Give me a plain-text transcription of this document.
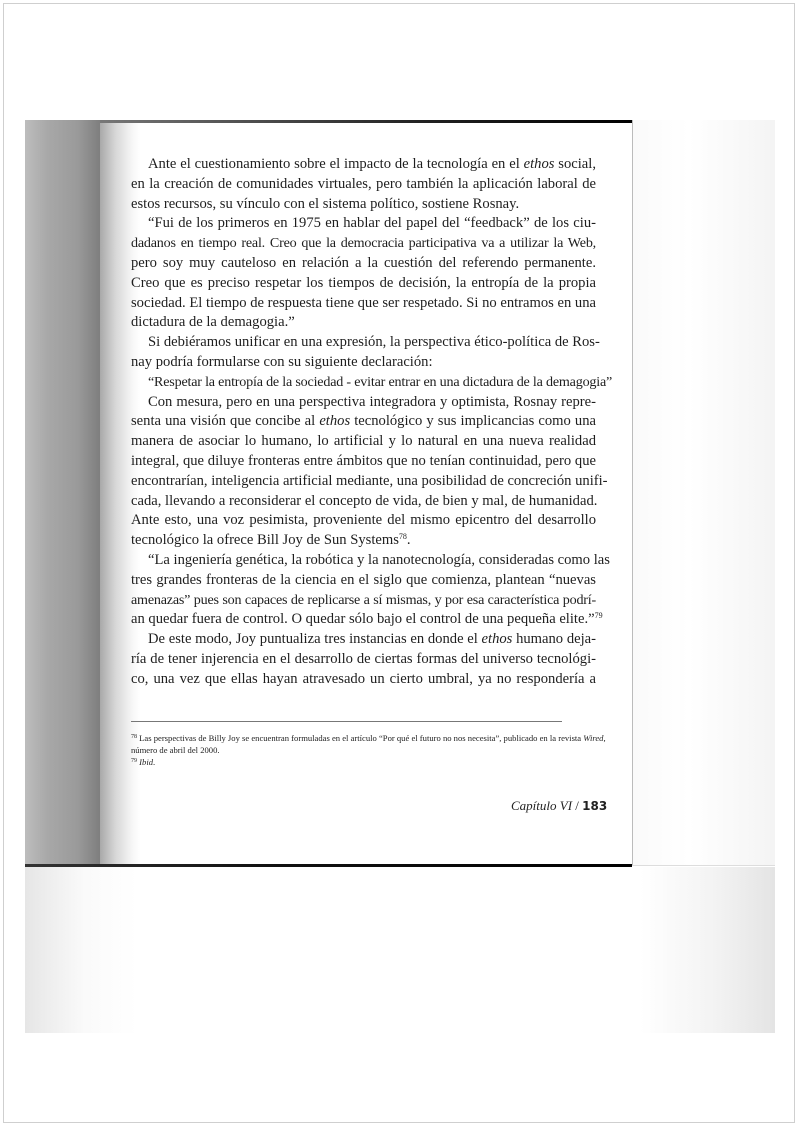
Ante el cuestionamiento sobre el impacto de la tecnología en el ethos social,
en la creación de comunidades virtuales, pero también la aplicación laboral de
estos recursos, su vínculo con el sistema político, sostiene Rosnay.
“Fui de los primeros en 1975 en hablar del papel del “feedback” de los ciu-
dadanos en tiempo real. Creo que la democracia participativa va a utilizar la Web,
pero soy muy cauteloso en relación a la cuestión del referendo permanente.
Creo que es preciso respetar los tiempos de decisión, la entropía de la propia
sociedad. El tiempo de respuesta tiene que ser respetado. Si no entramos en una
dictadura de la demagogia.”
Si debiéramos unificar en una expresión, la perspectiva ético-política de Ros-
nay podría formularse con su siguiente declaración:
“Respetar la entropía de la sociedad - evitar entrar en una dictadura de la demagogia”
Con mesura, pero en una perspectiva integradora y optimista, Rosnay repre-
senta una visión que concibe al ethos tecnológico y sus implicancias como una
manera de asociar lo humano, lo artificial y lo natural en una nueva realidad
integral, que diluye fronteras entre ámbitos que no tenían continuidad, pero que
encontrarían, inteligencia artificial mediante, una posibilidad de concreción unifi-
cada, llevando a reconsiderar el concepto de vida, de bien y mal, de humanidad.
Ante esto, una voz pesimista, proveniente del mismo epicentro del desarrollo
tecnológico la ofrece Bill Joy de Sun Systems$^{78}$.
“La ingeniería genética, la robótica y la nanotecnología, consideradas como las
tres grandes fronteras de la ciencia en el siglo que comienza, plantean “nuevas
amenazas” pues son capaces de replicarse a sí mismas, y por esa característica podrí-
an quedar fuera de control. O quedar sólo bajo el control de una pequeña elite.”$^{79}$
De este modo, Joy puntualiza tres instancias en donde el ethos humano deja-
ría de tener injerencia en el desarrollo de ciertas formas del universo tecnológi-
co, una vez que ellas hayan atravesado un cierto umbral, ya no respondería a
$^{78}$ Las perspectivas de Billy Joy se encuentran formuladas en el artículo “Por qué el futuro no nos necesita”, publicado en la revista Wired, número de abril del 2000.
$^{79}$ Ibid.
Capítulo VI / 183
